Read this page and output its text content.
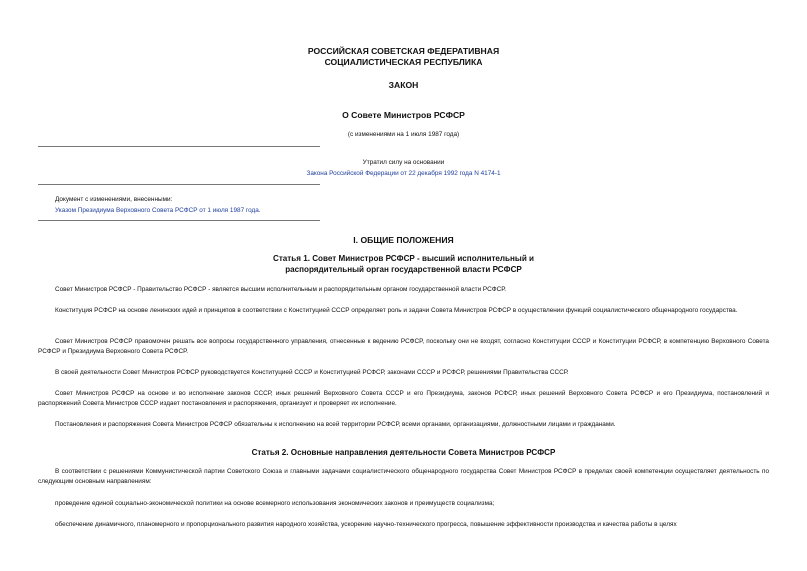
РОССИЙСКАЯ СОВЕТСКАЯ ФЕДЕРАТИВНАЯ
СОЦИАЛИСТИЧЕСКАЯ РЕСПУБЛИКА
ЗАКОН
О Совете Министров РСФСР
(с изменениями на 1 июля 1987 года)
Утратил силу на основании
Закона Российской Федерации от 22 декабря 1992 года N 4174-1
Документ с изменениями, внесенными:
Указом Президиума Верховного Совета РСФСР от 1 июля 1987 года.
I. ОБЩИЕ ПОЛОЖЕНИЯ
Статья 1. Совет Министров РСФСР - высший исполнительный и
распорядительный орган государственной власти РСФСР
Совет Министров РСФСР - Правительство РСФСР - является высшим исполнительным и распорядительным органом государственной власти РСФСР.
Конституция РСФСР на основе ленинских идей и принципов в соответствии с Конституцией СССР определяет роль и задачи Совета Министров РСФСР в осуществлении функций социалистического общенародного государства.
Совет Министров РСФСР правомочен решать все вопросы государственного управления, отнесенные к ведению РСФСР, поскольку они не входят, согласно Конституции СССР и Конституции РСФСР, в компетенцию Верховного Совета РСФСР и Президиума Верховного Совета РСФСР.
В своей деятельности Совет Министров РСФСР руководствуется Конституцией СССР и Конституцией РСФСР, законами СССР и РСФСР, решениями Правительства СССР.
Совет Министров РСФСР на основе и во исполнение законов СССР, иных решений Верховного Совета СССР и его Президиума, законов РСФСР, иных решений Верховного Совета РСФСР и его Президиума, постановлений и распоряжений Совета Министров СССР издает постановления и распоряжения, организует и проверяет их исполнение.
Постановления и распоряжения Совета Министров РСФСР обязательны к исполнению на всей территории РСФСР, всеми органами, организациями, должностными лицами и гражданами.
Статья 2. Основные направления деятельности Совета Министров РСФСР
В соответствии с решениями Коммунистической партии Советского Союза и главными задачами социалистического общенародного государства Совет Министров РСФСР в пределах своей компетенции осуществляет деятельность по следующим основным направлениям:
проведение единой социально-экономической политики на основе всемерного использования экономических законов и преимуществ социализма;
обеспечение динамичного, планомерного и пропорционального развития народного хозяйства, ускорение научно-технического прогресса, повышение эффективности производства и качества работы в целях
